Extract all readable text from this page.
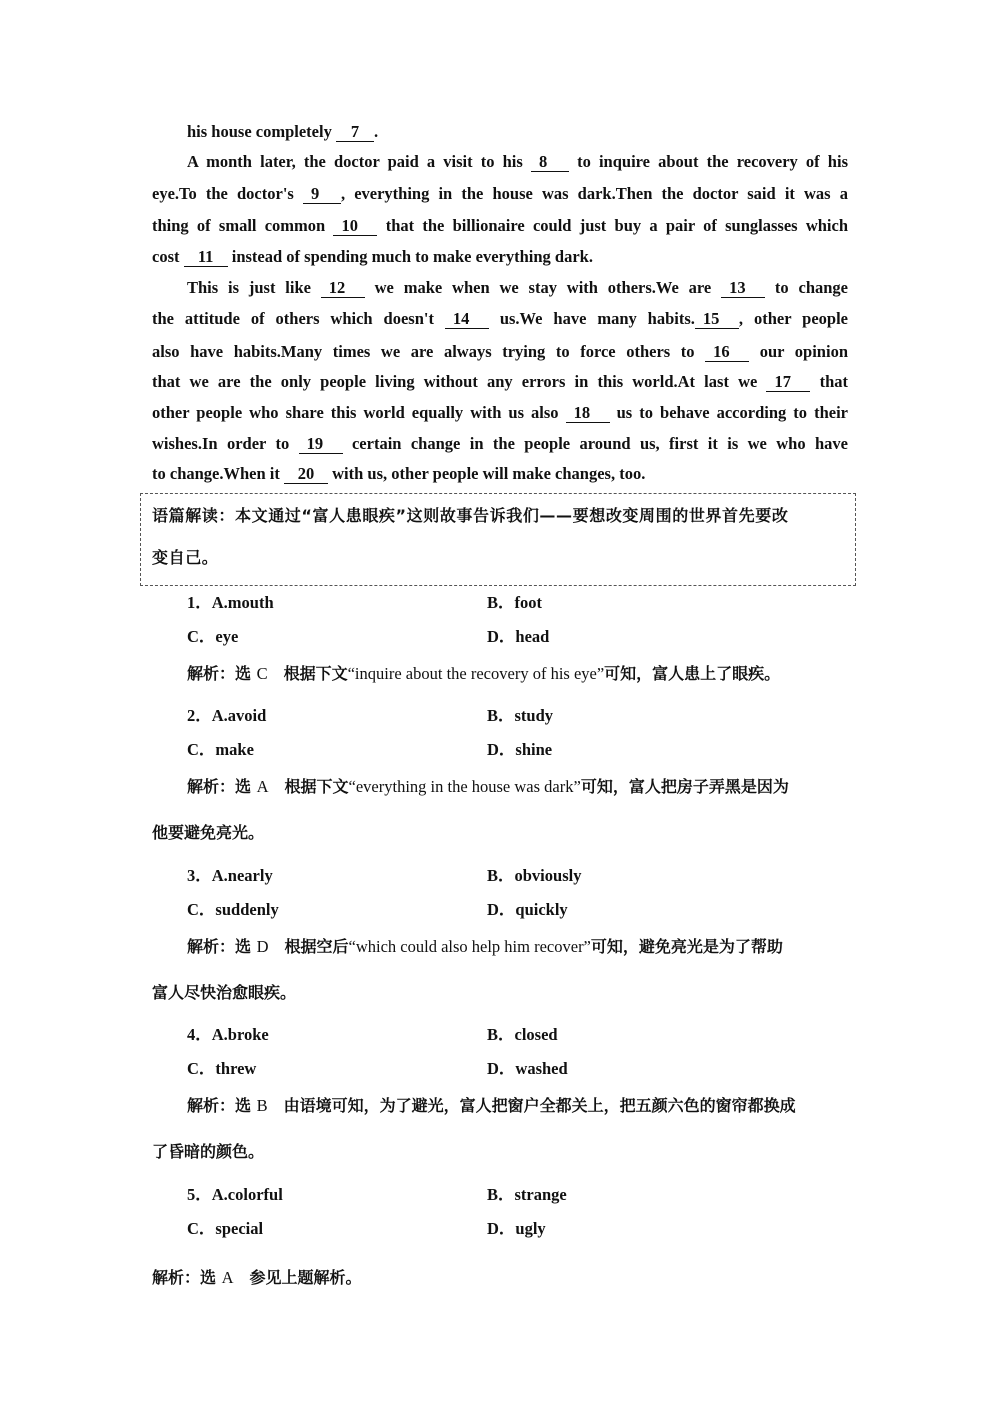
his house completely 7 .
A month later, the doctor paid a visit to his 8 to inquire about the recovery of his
eye.To the doctor's 9 , everything in the house was dark.Then the doctor said it was a
thing of small common 10 that the billionaire could just buy a pair of sunglasses which
cost 11 instead of spending much to make everything dark.
This is just like 12 we make when we stay with others.We are 13 to change
the attitude of others which doesn't 14 us.We have many habits. 15 , other people
also have habits.Many times we are always trying to force others to 16 our opinion
that we are the only people living without any errors in this world.At last we 17 that
other people who share this world equally with us also 18 us to behave according to their
wishes.In order to 19 certain change in the people around us, first it is we who have
to change.When it 20 with us, other people will make changes, too.
1．A.mouth	B．foot
C．eye	D．head
解析：选 C　根据下文“inquire about the recovery of his eye”可知，富人患上了眼疾。
2．A.avoid	B．study
C．make	D．shine
解析：选 A　根据下文“everything in the house was dark”可知，富人把房子弄黑是因为
他要避免亮光。
3．A.nearly	B．obviously
C．suddenly	D．quickly
解析：选 D　根据空后“which could also help him recover”可知，避免亮光是为了帮助
富人尽快治愈眼疾。
4．A.broke	B．closed
C．threw	D．washed
解析：选 B　由语境可知，为了避光，富人把窗户全都关上，把五颜六色的窗帘都换成
了昏暗的颜色。
5．A.colorful	B．strange
C．special	D．ugly
解析：选 A　参见上题解析。
语篇解读：本文通过“富人患眼疾”这则故事告诉我们——要想改变周围的世界首先要改
变自己。
